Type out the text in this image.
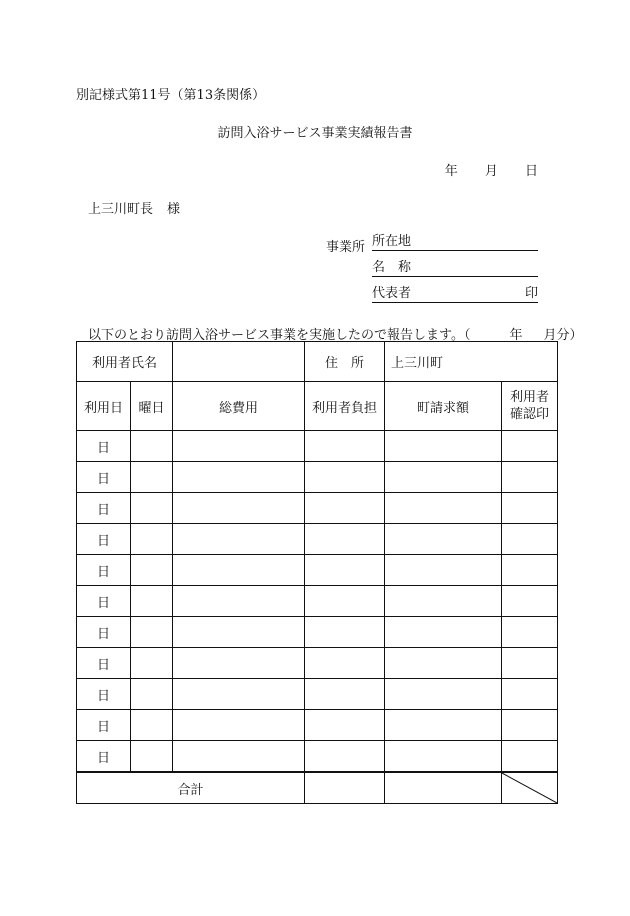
別記様式第11号（第13条関係）
訪問入浴サービス事業実績報告書
年 月 日
上三川町長 様
事業所 所在地
名　称
代表者	印
以下のとおり訪問入浴サービス事業を実施したので報告します。（	年 月分）
利用者氏名			住　所	上三川町	
利用日	曜日	総費用	利用者負担	町請求額	利用者確認印
日					
日					
日					
日					
日					
日					
日					
日					
日					
日					
日					
合計			
